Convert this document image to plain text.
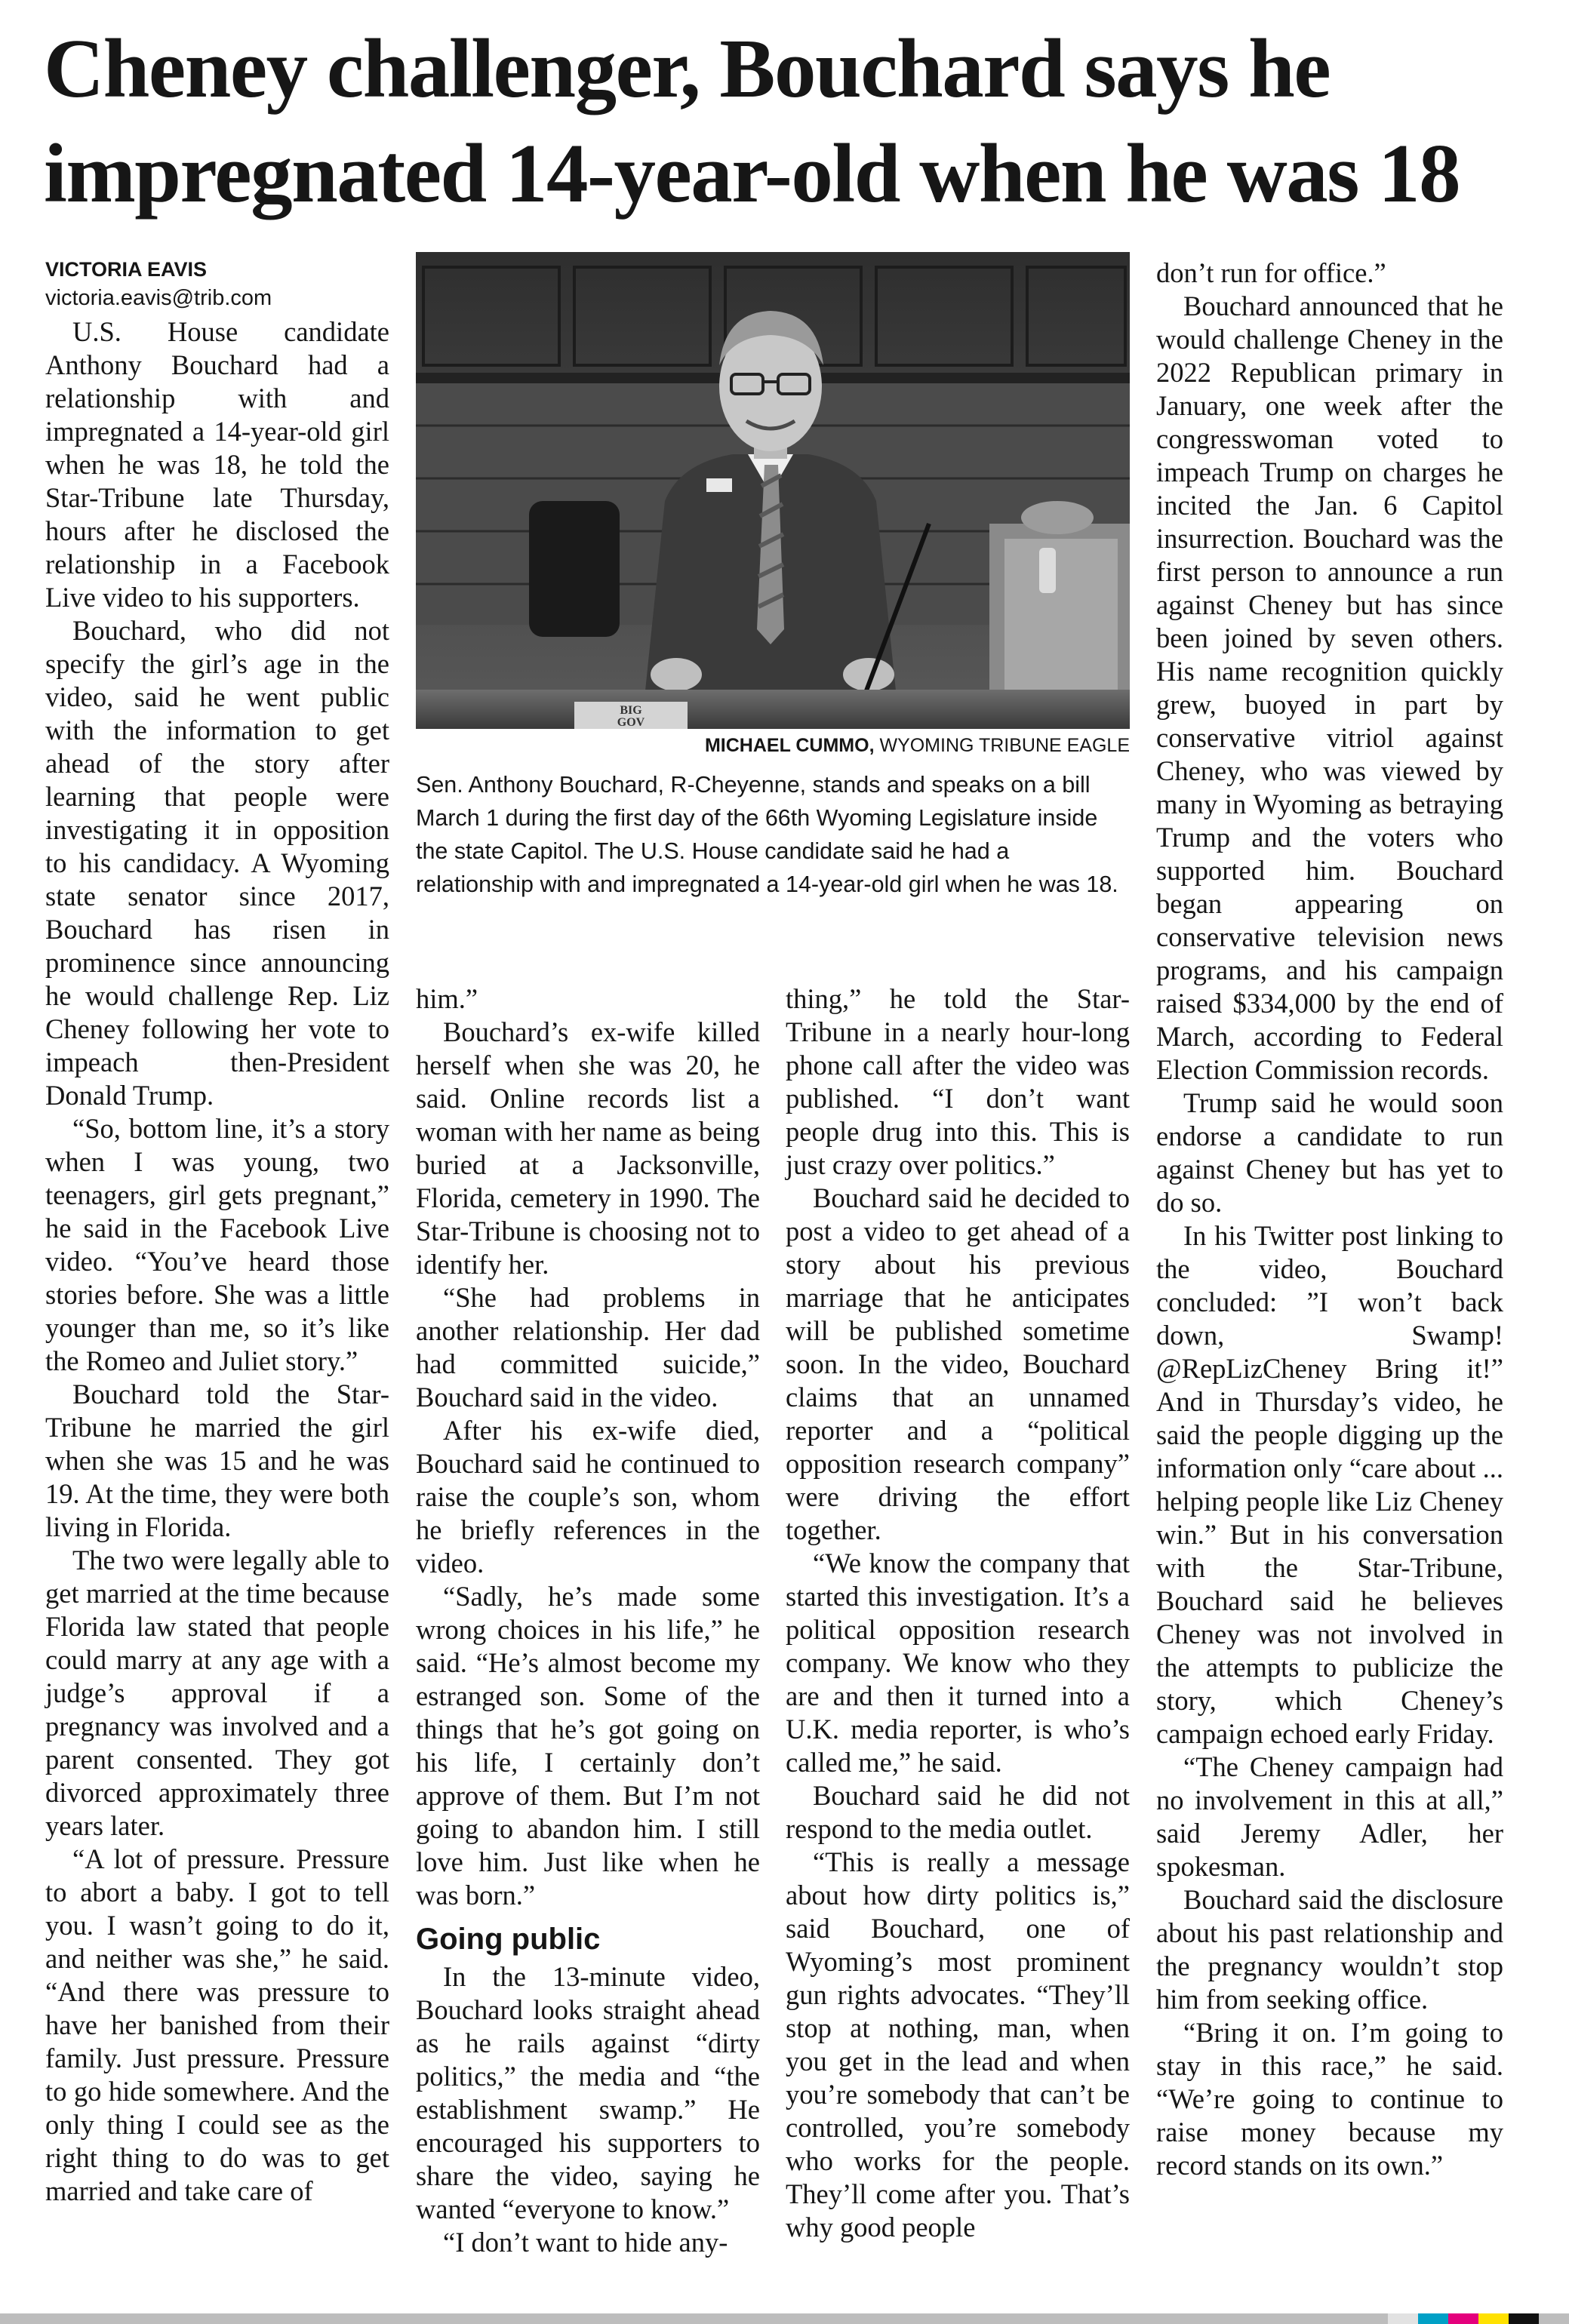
Cheney challenger, Bouchard says he impregnated 14-year-old when he was 18

VICTORIA EAVIS

victoria.eavis@trib.com

U.S. House candidate Anthony Bouchard had a relationship with and impregnated a 14-year-old girl when he was 18, he told the Star-Tribune late Thursday, hours after he disclosed the relationship in a Facebook Live video to his supporters.

Bouchard, who did not specify the girl’s age in the video, said he went public with the information to get ahead of the story after learning that people were investigating it in opposition to his candidacy. A Wyoming state senator since 2017, Bouchard has risen in prominence since announcing he would challenge Rep. Liz Cheney following her vote to impeach then-President Donald Trump.

“So, bottom line, it’s a story when I was young, two teenagers, girl gets pregnant,” he said in the Facebook Live video. “You’ve heard those stories before. She was a little younger than me, so it’s like the Romeo and Juliet story.”

Bouchard told the Star-Tribune he married the girl when she was 15 and he was 19. At the time, they were both living in Florida.

The two were legally able to get married at the time because Florida law stated that people could marry at any age with a judge’s approval if a pregnancy was involved and a parent consented. They got divorced approximately three years later.

“A lot of pressure. Pressure to abort a baby. I got to tell you. I wasn’t going to do it, and neither was she,” he said. “And there was pressure to have her banished from their family. Just pressure. Pressure to go hide somewhere. And the only thing I could see as the right thing to do was to get married and take care of

BIG
GOV
MICHAEL CUMMO, WYOMING TRIBUNE EAGLE
Sen. Anthony Bouchard, R-Cheyenne, stands and speaks on a bill March 1 during the first day of the 66th Wyoming Legislature inside the state Capitol. The U.S. House candidate said he had a relationship with and impregnated a 14-year-old girl when he was 18.

him.”

Bouchard’s ex-wife killed herself when she was 20, he said. Online records list a woman with her name as being buried at a Jacksonville, Florida, cemetery in 1990. The Star-Tribune is choosing not to identify her.

“She had problems in another relationship. Her dad had committed suicide,” Bouchard said in the video.

After his ex-wife died, Bouchard said he continued to raise the couple’s son, whom he briefly references in the video.

“Sadly, he’s made some wrong choices in his life,” he said. “He’s almost become my estranged son. Some of the things that he’s got going on his life, I certainly don’t approve of them. But I’m not going to abandon him. I still love him. Just like when he was born.”

Going public

In the 13-minute video, Bouchard looks straight ahead as he rails against “dirty politics,” the media and “the establishment swamp.” He encouraged his supporters to share the video, saying he wanted “everyone to know.”

“I don’t want to hide any-

thing,” he told the Star-Tribune in a nearly hour-long phone call after the video was published. “I don’t want people drug into this. This is just crazy over politics.”

Bouchard said he decided to post a video to get ahead of a story about his previous marriage that he anticipates will be published sometime soon. In the video, Bouchard claims that an unnamed reporter and a “political opposition research company” were driving the effort together.

“We know the company that started this investigation. It’s a political opposition research company. We know who they are and then it turned into a U.K. media reporter, is who’s called me,” he said.

Bouchard said he did not respond to the media outlet.

“This is really a message about how dirty politics is,” said Bouchard, one of Wyoming’s most prominent gun rights advocates. “They’ll stop at nothing, man, when you get in the lead and when you’re somebody that can’t be controlled, you’re somebody who works for the people. They’ll come after you. That’s why good people

don’t run for office.”

Bouchard announced that he would challenge Cheney in the 2022 Republican primary in January, one week after the congresswoman voted to impeach Trump on charges he incited the Jan. 6 Capitol insurrection. Bouchard was the first person to announce a run against Cheney but has since been joined by seven others. His name recognition quickly grew, buoyed in part by conservative vitriol against Cheney, who was viewed by many in Wyoming as betraying Trump and the voters who supported him. Bouchard began appearing on conservative television news programs, and his campaign raised $334,000 by the end of March, according to Federal Election Commission records.

Trump said he would soon endorse a candidate to run against Cheney but has yet to do so.

In his Twitter post linking to the video, Bouchard concluded: ”I won’t back down, Swamp! @RepLizCheney Bring it!” And in Thursday’s video, he said the people digging up the information only “care about ... helping people like Liz Cheney win.” But in his conversation with the Star-Tribune, Bouchard said he believes Cheney was not involved in the attempts to publicize the story, which Cheney’s campaign echoed early Friday.

“The Cheney campaign had no involvement in this at all,” said Jeremy Adler, her spokesman.

Bouchard said the disclosure about his past relationship and the pregnancy wouldn’t stop him from seeking office.

“Bring it on. I’m going to stay in this race,” he said. “We’re going to continue to raise money because my record stands on its own.”
